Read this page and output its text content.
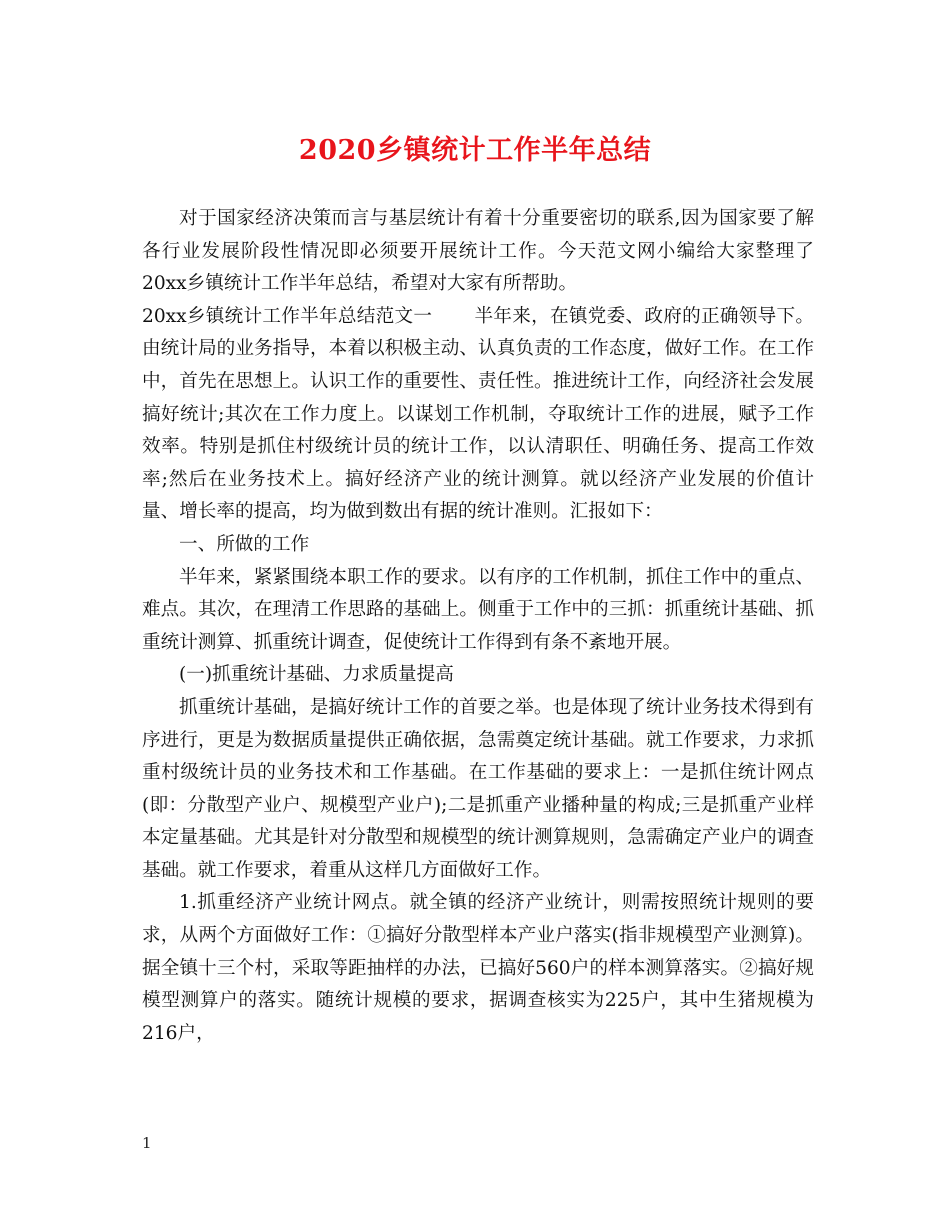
2020乡镇统计工作半年总结

对于国家经济决策而言与基层统计有着十分重要密切的联系,因为国家要了解各行业发展阶段性情况即必须要开展统计工作。今天范文网小编给大家整理了20xx乡镇统计工作半年总结，希望对大家有所帮助。

20xx乡镇统计工作半年总结范文一 半年来，在镇党委、政府的正确领导下。由统计局的业务指导，本着以积极主动、认真负责的工作态度，做好工作。在工作中，首先在思想上。认识工作的重要性、责任性。推进统计工作，向经济社会发展搞好统计;其次在工作力度上。以谋划工作机制，夺取统计工作的进展，赋予工作效率。特别是抓住村级统计员的统计工作，以认清职任、明确任务、提高工作效率;然后在业务技术上。搞好经济产业的统计测算。就以经济产业发展的价值计量、增长率的提高，均为做到数出有据的统计准则。汇报如下：

一、所做的工作

半年来，紧紧围绕本职工作的要求。以有序的工作机制，抓住工作中的重点、难点。其次，在理清工作思路的基础上。侧重于工作中的三抓：抓重统计基础、抓重统计测算、抓重统计调查，促使统计工作得到有条不紊地开展。

(一)抓重统计基础、力求质量提高

抓重统计基础，是搞好统计工作的首要之举。也是体现了统计业务技术得到有序进行，更是为数据质量提供正确依据，急需奠定统计基础。就工作要求，力求抓重村级统计员的业务技术和工作基础。在工作基础的要求上：一是抓住统计网点(即：分散型产业户、规模型产业户);二是抓重产业播种量的构成;三是抓重产业样本定量基础。尤其是针对分散型和规模型的统计测算规则，急需确定产业户的调查基础。就工作要求，着重从这样几方面做好工作。

1.抓重经济产业统计网点。就全镇的经济产业统计，则需按照统计规则的要求，从两个方面做好工作：①搞好分散型样本产业户落实(指非规模型产业测算)。据全镇十三个村，采取等距抽样的办法，已搞好560户的样本测算落实。②搞好规模型测算户的落实。随统计规模的要求，据调查核实为225户，其中生猪规模为216户，

1
